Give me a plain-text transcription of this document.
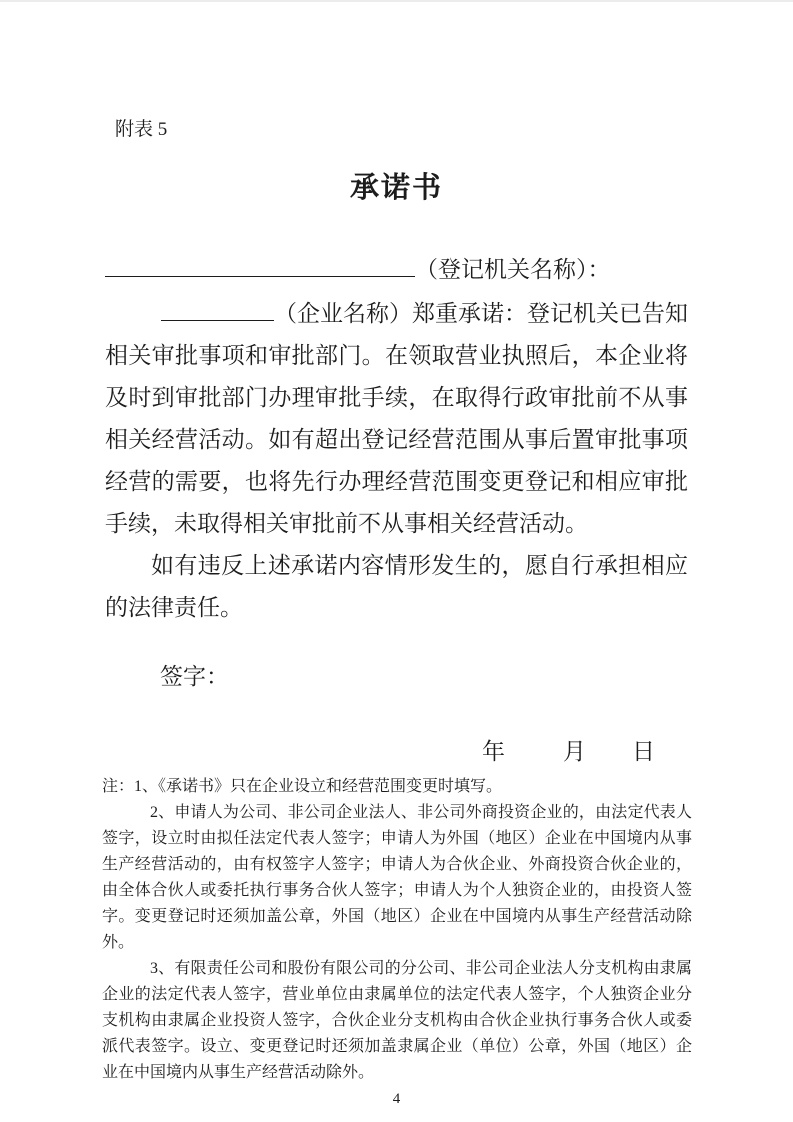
附表 5
承诺书
（登记机关名称）：

（企业名称）郑重承诺：登记机关已告知相关审批事项和审批部门。在领取营业执照后，本企业将及时到审批部门办理审批手续，在取得行政审批前不从事相关经营活动。如有超出登记经营范围从事后置审批事项经营的需要，也将先行办理经营范围变更登记和相应审批手续，未取得相关审批前不从事相关经营活动。

如有违反上述承诺内容情形发生的，愿自行承担相应的法律责任。

签字：
年	月 日

注：1、《承诺书》只在企业设立和经营范围变更时填写。

2、申请人为公司、非公司企业法人、非公司外商投资企业的，由法定代表人签字，设立时由拟任法定代表人签字；申请人为外国（地区）企业在中国境内从事生产经营活动的，由有权签字人签字；申请人为合伙企业、外商投资合伙企业的，由全体合伙人或委托执行事务合伙人签字；申请人为个人独资企业的，由投资人签字。变更登记时还须加盖公章，外国（地区）企业在中国境内从事生产经营活动除外。

3、有限责任公司和股份有限公司的分公司、非公司企业法人分支机构由隶属企业的法定代表人签字，营业单位由隶属单位的法定代表人签字，个人独资企业分支机构由隶属企业投资人签字，合伙企业分支机构由合伙企业执行事务合伙人或委派代表签字。设立、变更登记时还须加盖隶属企业（单位）公章，外国（地区）企业在中国境内从事生产经营活动除外。

4
